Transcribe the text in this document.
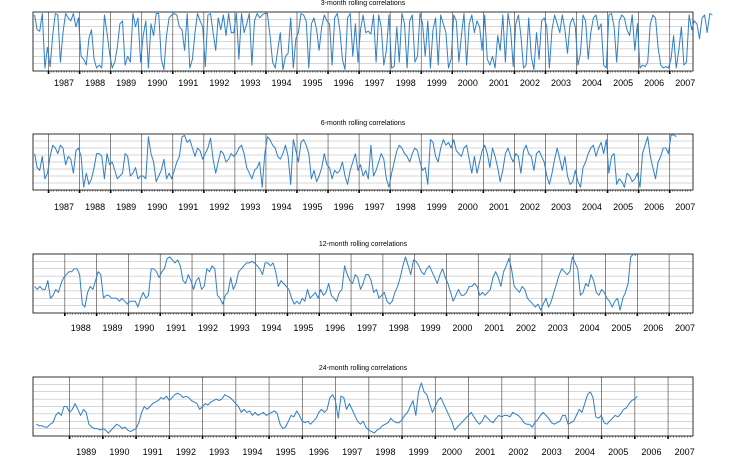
3-month rolling correlations
1987 1988 1989 1990 1991 1992 1993 1994 1995 1996 1997 1998 1999 2000 2001 2002 2003 2004 2005 2006 2007
6-month rolling correlations
1987 1988 1989 1990 1991 1992 1993 1994 1995 1996 1997 1998 1999 2000 2001 2002 2003 2004 2005 2006 2007
12-month rolling correlations
1988 1989 1990 1991 1992 1993 1994 1995 1996 1997 1998 1999 2000 2001 2002 2003 2004 2005 2006 2007
24-month rolling correlations
1989 1990 1991 1992 1993 1994 1995 1996 1997 1998 1999 2000 2001 2002 2003 2004 2005 2006 2007
